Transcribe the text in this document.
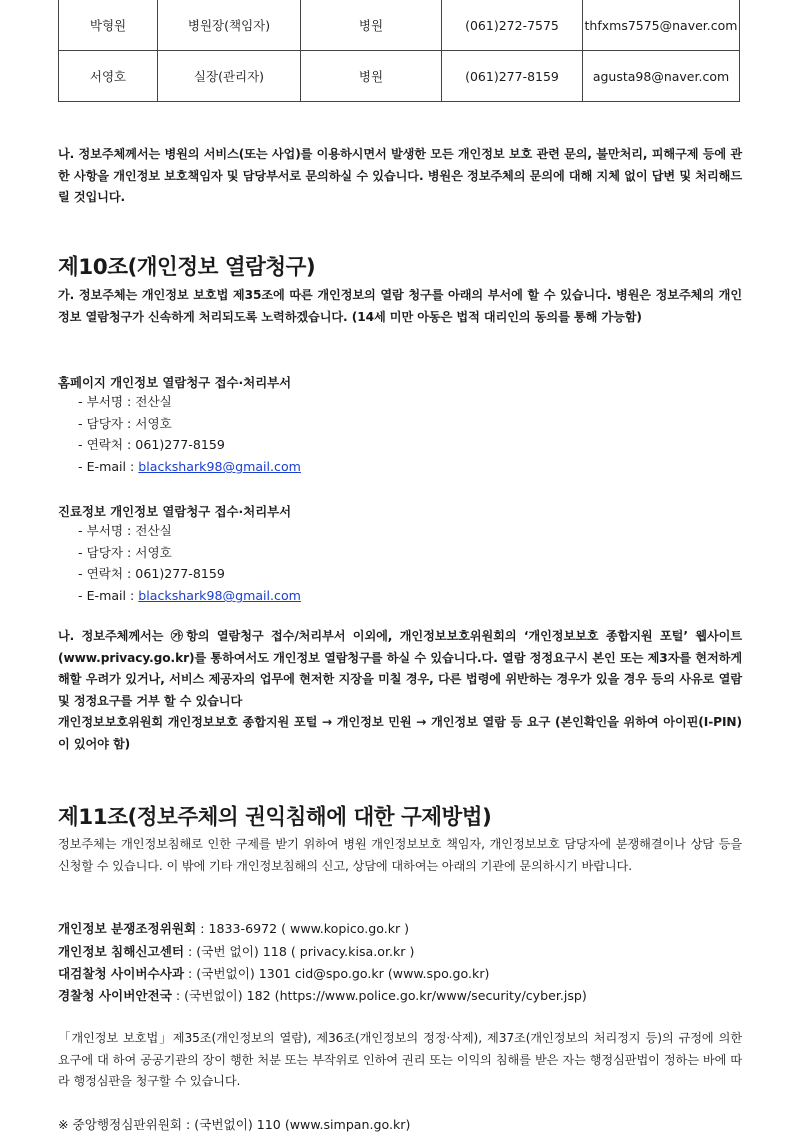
박형원	병원장(책임자)	병원	(061)272-7575	thfxms7575@naver.com
서영호	실장(관리자)	병원	(061)277-8159	agusta98@naver.com
나. 정보주체께서는 병원의 서비스(또는 사업)를 이용하시면서 발생한 모든 개인정보 보호 관련 문의, 불만처리, 피해구제 등에 관한 사항을 개인정보 보호책임자 및 담당부서로 문의하실 수 있습니다. 병원은 정보주체의 문의에 대해 지체 없이 답변 및 처리해드릴 것입니다.
제10조(개인정보 열람청구)
가. 정보주체는 개인정보 보호법 제35조에 따른 개인정보의 열람 청구를 아래의 부서에 할 수 있습니다. 병원은 정보주체의 개인정보 열람청구가 신속하게 처리되도록 노력하겠습니다. (14세 미만 아동은 법적 대리인의 동의를 통해 가능함)
홈페이지 개인정보 열람청구 접수·처리부서
- 부서명 : 전산실
- 담당자 : 서영호
- 연락처 : 061)277-8159
- E-mail : blackshark98@gmail.com
진료정보 개인정보 열람청구 접수·처리부서
- 부서명 : 전산실
- 담당자 : 서영호
- 연락처 : 061)277-8159
- E-mail : blackshark98@gmail.com
나. 정보주체께서는 ㉮항의 열람청구 접수/처리부서 이외에, 개인정보보호위원회의 ‘개인정보보호 종합지원 포털’ 웹사이트(www.privacy.go.kr)를 통하여서도 개인정보 열람청구를 하실 수 있습니다.다. 열람 정정요구시 본인 또는 제3자를 현저하게 해할 우려가 있거나, 서비스 제공자의 업무에 현저한 지장을 미칠 경우, 다른 법령에 위반하는 경우가 있을 경우 등의 사유로 열람 및 정정요구를 거부 할 수 있습니다
개인정보보호위원회 개인정보보호 종합지원 포털 → 개인정보 민원 → 개인정보 열람 등 요구 (본인확인을 위하여 아이핀(I-PIN)이 있어야 함)
제11조(정보주체의 권익침해에 대한 구제방법)
정보주체는 개인정보침해로 인한 구제를 받기 위하여 병원 개인정보보호 책임자, 개인정보보호 담당자에 분쟁해결이나 상담 등을 신청할 수 있습니다. 이 밖에 기타 개인정보침해의 신고, 상담에 대하여는 아래의 기관에 문의하시기 바랍니다.
개인정보 분쟁조정위원회 : 1833-6972 ( www.kopico.go.kr )
개인정보 침해신고센터 : (국번 없이) 118 ( privacy.kisa.or.kr )
대검찰청 사이버수사과 : (국번없이) 1301 cid@spo.go.kr (www.spo.go.kr)
경찰청 사이버안전국 : (국번없이) 182 (https://www.police.go.kr/www/security/cyber.jsp)
「개인정보 보호법」제35조(개인정보의 열람), 제36조(개인정보의 정정·삭제), 제37조(개인정보의 처리정지 등)의 규정에 의한 요구에 대 하여 공공기관의 장이 행한 처분 또는 부작위로 인하여 권리 또는 이익의 침해를 받은 자는 행정심판법이 정하는 바에 따라 행정심판을 청구할 수 있습니다.
※ 중앙행정심판위원회 : (국번없이) 110 (www.simpan.go.kr)
